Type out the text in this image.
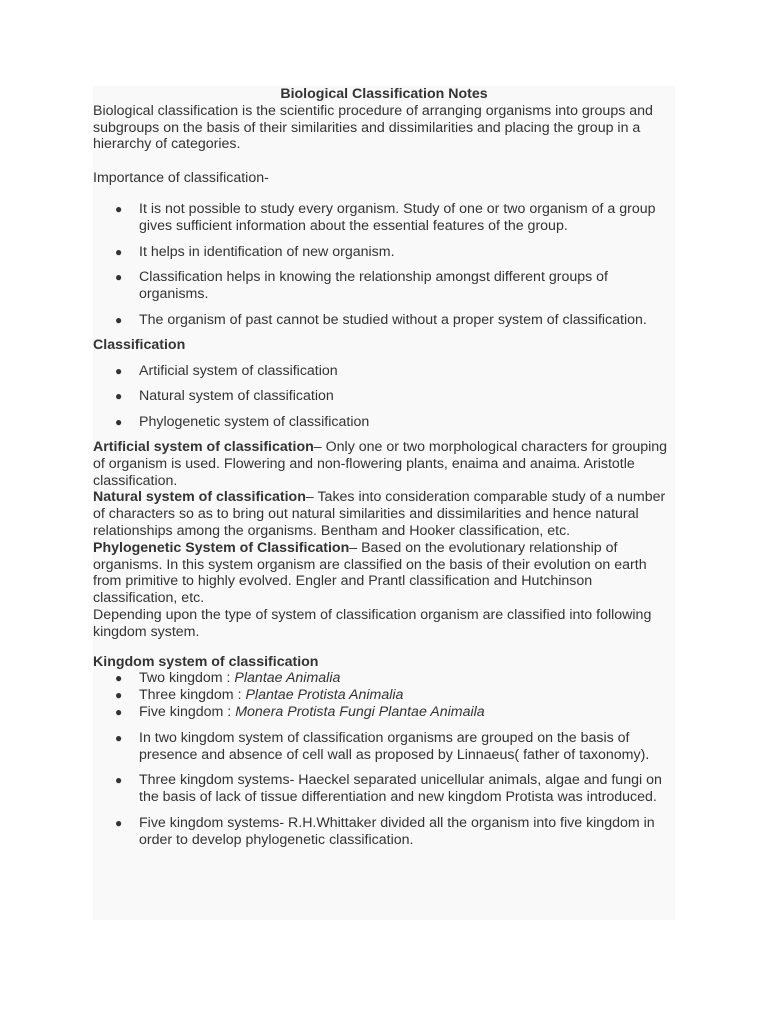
Biological Classification Notes

Biological classification is the scientific procedure of arranging organisms into groups and subgroups on the basis of their similarities and dissimilarities and placing the group in a hierarchy of categories.

Importance of classification-

● It is not possible to study every organism. Study of one or two organism of a group gives sufficient information about the essential features of the group.
● It helps in identification of new organism.
● Classification helps in knowing the relationship amongst different groups of organisms.
● The organism of past cannot be studied without a proper system of classification.

Classification

● Artificial system of classification
● Natural system of classification
● Phylogenetic system of classification

Artificial system of classification– Only one or two morphological characters for grouping of organism is used. Flowering and non-flowering plants, enaima and anaima. Aristotle classification.

Natural system of classification– Takes into consideration comparable study of a number of characters so as to bring out natural similarities and dissimilarities and hence natural relationships among the organisms. Bentham and Hooker classification, etc.

Phylogenetic System of Classification– Based on the evolutionary relationship of organisms. In this system organism are classified on the basis of their evolution on earth from primitive to highly evolved. Engler and Prantl classification and Hutchinson classification, etc.

Depending upon the type of system of classification organism are classified into following kingdom system.

Kingdom system of classification

● Two kingdom : Plantae Animalia
● Three kingdom : Plantae Protista Animalia
● Five kingdom : Monera Protista Fungi Plantae Animaila
● In two kingdom system of classification organisms are grouped on the basis of presence and absence of cell wall as proposed by Linnaeus( father of taxonomy).
● Three kingdom systems- Haeckel separated unicellular animals, algae and fungi on the basis of lack of tissue differentiation and new kingdom Protista was introduced.
● Five kingdom systems- R.H.Whittaker divided all the organism into five kingdom in order to develop phylogenetic classification.
